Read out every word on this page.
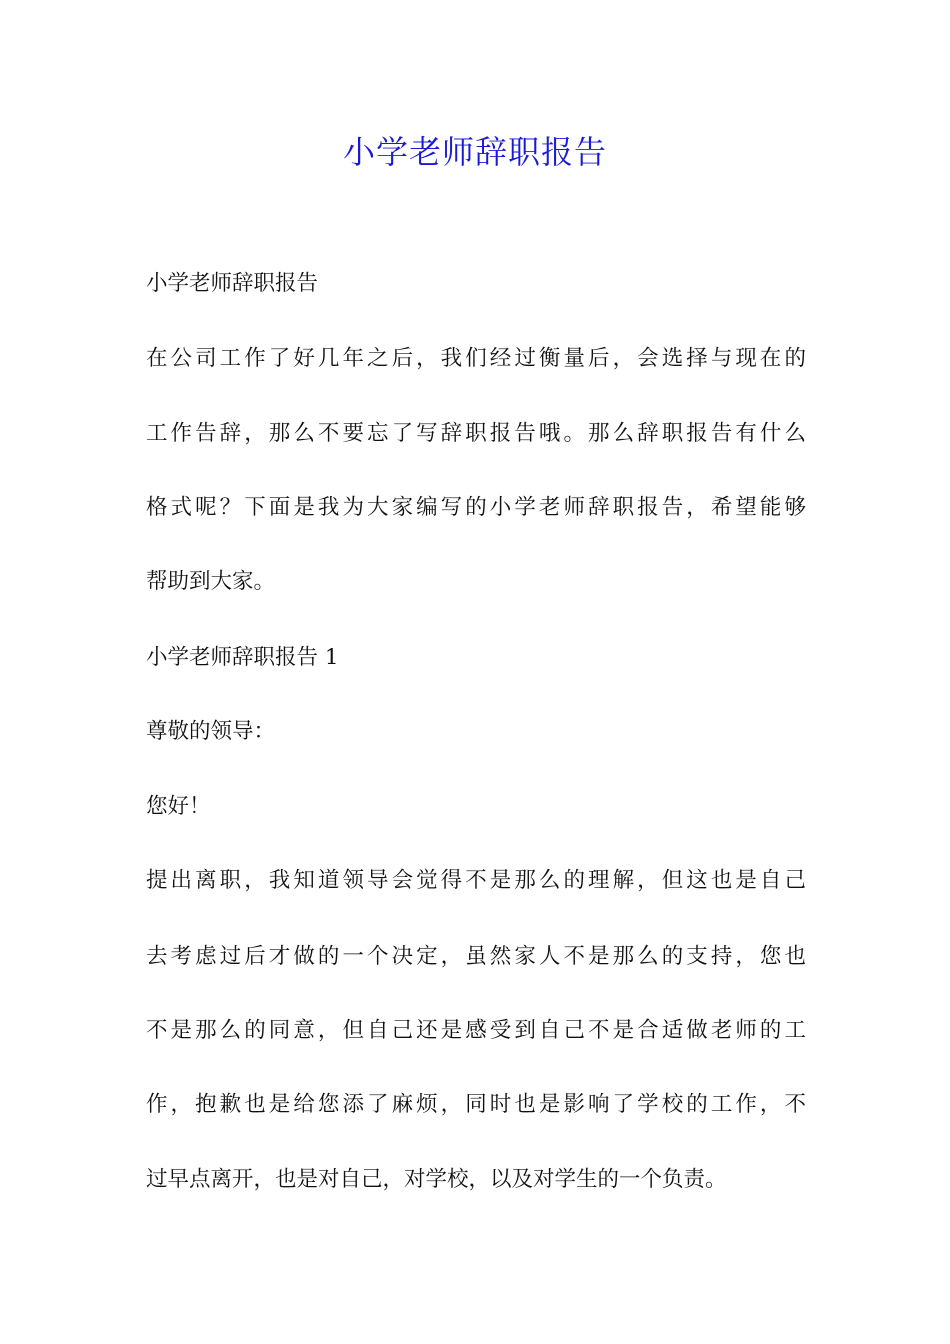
小学老师辞职报告
小学老师辞职报告
在公司工作了好几年之后，我们经过衡量后，会选择与现在的
工作告辞，那么不要忘了写辞职报告哦。那么辞职报告有什么
格式呢？下面是我为大家编写的小学老师辞职报告，希望能够
帮助到大家。
小学老师辞职报告 1
尊敬的领导：
您好！
提出离职，我知道领导会觉得不是那么的理解，但这也是自己
去考虑过后才做的一个决定，虽然家人不是那么的支持，您也
不是那么的同意，但自己还是感受到自己不是合适做老师的工
作，抱歉也是给您添了麻烦，同时也是影响了学校的工作，不
过早点离开，也是对自己，对学校，以及对学生的一个负责。
